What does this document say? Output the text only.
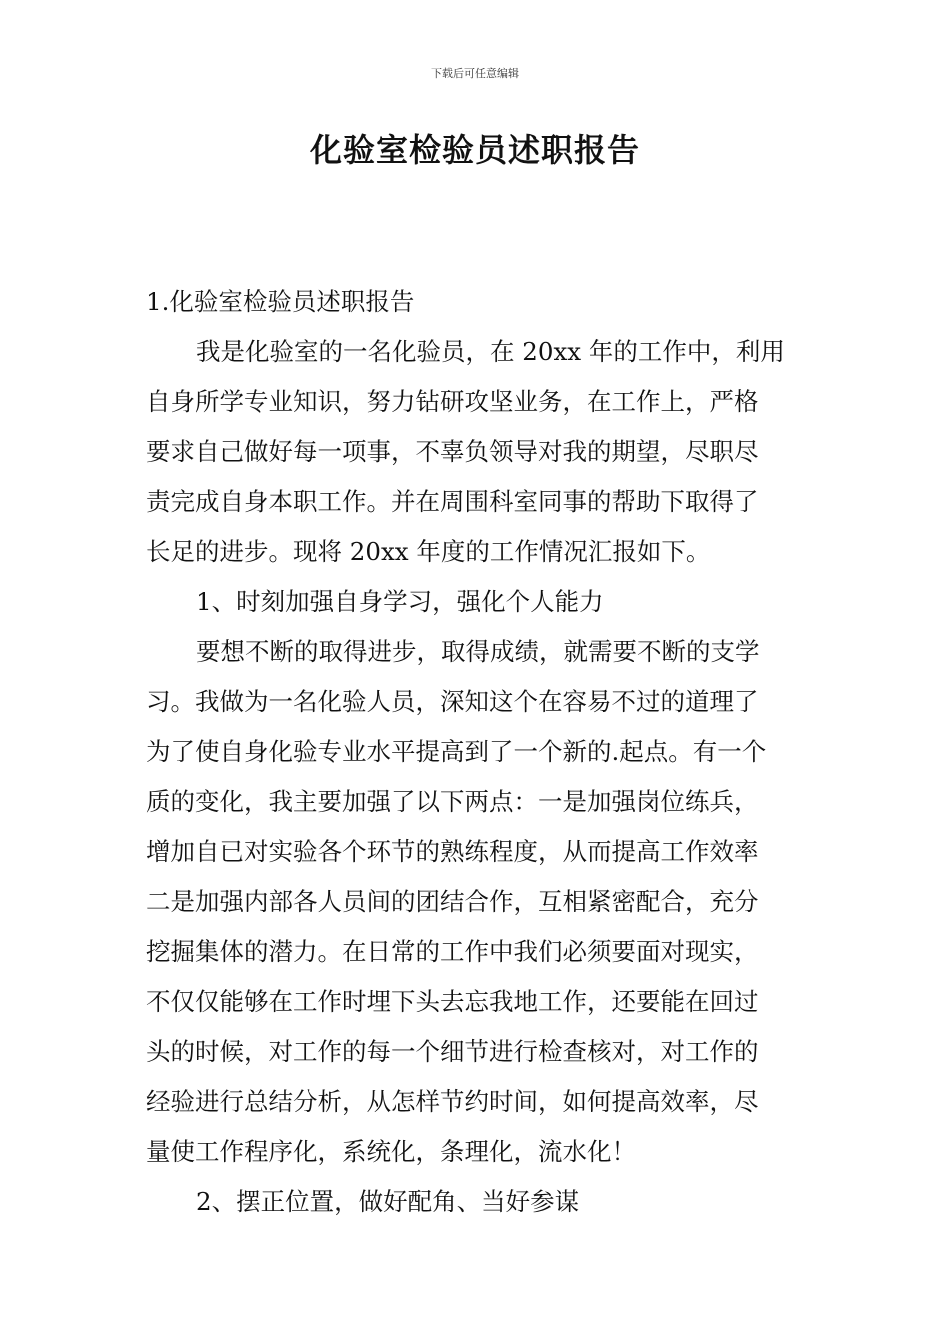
下载后可任意编辑
化验室检验员述职报告

1.化验室检验员述职报告

我是化验室的一名化验员，在 20xx 年的工作中，利用

自身所学专业知识，努力钻研攻坚业务，在工作上，严格

要求自己做好每一项事，不辜负领导对我的期望，尽职尽

责完成自身本职工作。并在周围科室同事的帮助下取得了

长足的进步。现将 20xx 年度的工作情况汇报如下。

1、时刻加强自身学习，强化个人能力

要想不断的取得进步，取得成绩，就需要不断的支学

习。我做为一名化验人员，深知这个在容易不过的道理了

为了使自身化验专业水平提高到了一个新的.起点。有一个

质的变化，我主要加强了以下两点：一是加强岗位练兵，

增加自已对实验各个环节的熟练程度，从而提高工作效率

二是加强内部各人员间的团结合作，互相紧密配合，充分

挖掘集体的潜力。在日常的工作中我们必须要面对现实，

不仅仅能够在工作时埋下头去忘我地工作，还要能在回过

头的时候，对工作的每一个细节进行检查核对，对工作的

经验进行总结分析，从怎样节约时间，如何提高效率，尽

量使工作程序化，系统化，条理化，流水化！

2、摆正位置，做好配角、当好参谋
